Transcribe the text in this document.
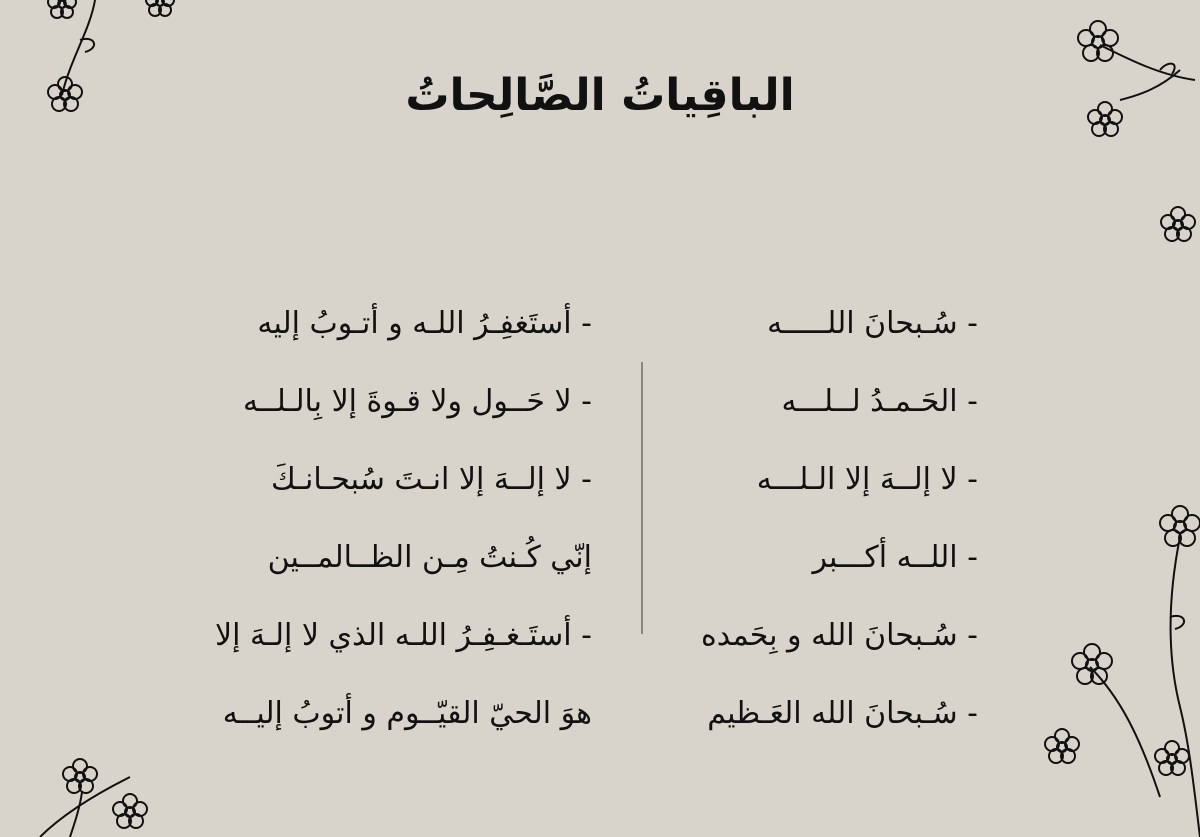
الباقِياتُ الصَّالِحاتُ
- سُـبحانَ اللـــــه
- الحَـمـدُ لــلـــه
- لا إلــهَ إلا الـلـــه
- اللــه أكـــبر
- سُـبحانَ الله و بِحَمده
- سُـبحانَ الله العَـظيم
- أستَغفِـرُ اللـه و أتـوبُ إليه
- لا حَــول ولا قـوةَ إلا بِالـلــه
- لا إلــهَ إلا انـتَ سُبحـانـكَ
إنّي كُـنتُ مِـن الظــالمــين
- أستَـغـفِـرُ اللـه الذي لا إلـهَ إلا
هوَ الحيّ القيّــوم و أتوبُ إليــه
